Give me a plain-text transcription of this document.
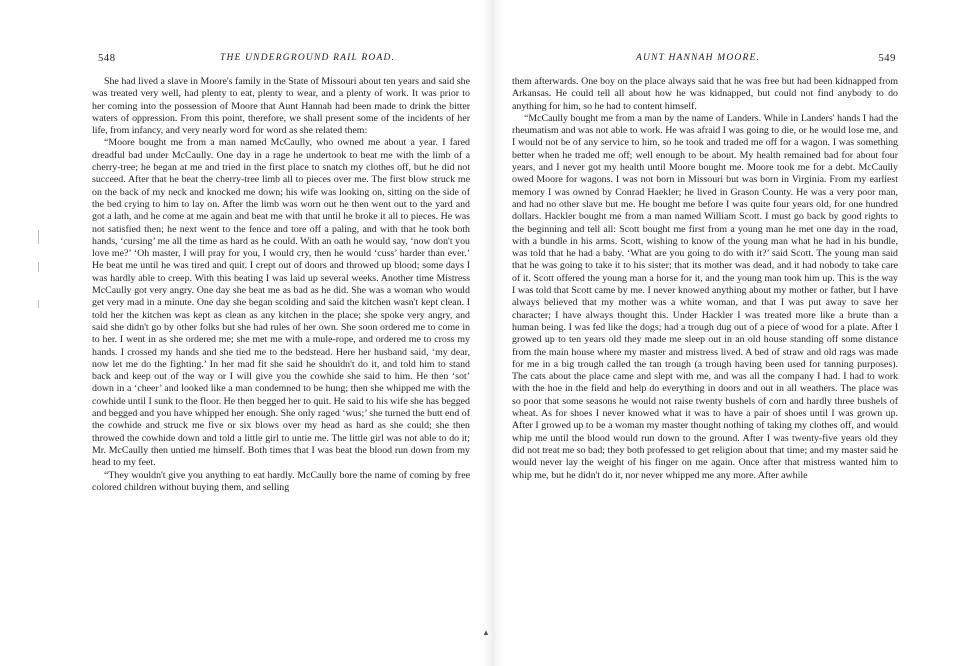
548	THE UNDERGROUND RAIL ROAD.

She had lived a slave in Moore's family in the State of Missouri about ten years and said she was treated very well, had plenty to eat, plenty to wear, and a plenty of work. It was prior to her coming into the possession of Moore that Aunt Hannah had been made to drink the bitter waters of oppression. From this point, therefore, we shall present some of the incidents of her life, from infancy, and very nearly word for word as she related them:

“Moore bought me from a man named McCaully, who owned me about a year. I fared dreadful bad under McCaully. One day in a rage he undertook to beat me with the limb of a cherry-tree; he began at me and tried in the first place to snatch my clothes off, but he did not succeed. After that he beat the cherry-tree limb all to pieces over me. The first blow struck me on the back of my neck and knocked me down; his wife was looking on, sitting on the side of the bed crying to him to lay on. After the limb was worn out he then went out to the yard and got a lath, and he come at me again and beat me with that until he broke it all to pieces. He was not satisfied then; he next went to the fence and tore off a paling, and with that he took both hands, ‘cursing’ me all the time as hard as he could. With an oath he would say, ‘now don't you love me?’ ‘Oh master, I will pray for you, I would cry, then he would ‘cuss’ harder than ever.’ He beat me until he was tired and quit. I crept out of doors and throwed up blood; some days I was hardly able to creep. With this beating I was laid up several weeks. Another time Mistress McCaully got very angry. One day she beat me as bad as he did. She was a woman who would get very mad in a minute. One day she began scolding and said the kitchen wasn't kept clean. I told her the kitchen was kept as clean as any kitchen in the place; she spoke very angry, and said she didn't go by other folks but she had rules of her own. She soon ordered me to come in to her. I went in as she ordered me; she met me with a mule-rope, and ordered me to cross my hands. I crossed my hands and she tied me to the bedstead. Here her husband said, ‘my dear, now let me do the fighting.’ In her mad fit she said he shouldn't do it, and told him to stand back and keep out of the way or I will give you the cowhide she said to him. He then ‘sot’ down in a ‘cheer’ and looked like a man condemned to be hung; then she whipped me with the cowhide until I sunk to the floor. He then begged her to quit. He said to his wife she has begged and begged and you have whipped her enough. She only raged ‘wus;’ she turned the butt end of the cowhide and struck me five or six blows over my head as hard as she could; she then throwed the cowhide down and told a little girl to untie me. The little girl was not able to do it; Mr. McCaully then untied me himself. Both times that I was beat the blood run down from my head to my feet.

“They wouldn't give you anything to eat hardly. McCaully bore the name of coming by free colored children without buying them, and selling

AUNT HANNAH MOORE.	549

them afterwards. One boy on the place always said that he was free but had been kidnapped from Arkansas. He could tell all about how he was kidnapped, but could not find anybody to do anything for him, so he had to content himself.

“McCaully bought me from a man by the name of Landers. While in Landers' hands I had the rheumatism and was not able to work. He was afraid I was going to die, or he would lose me, and I would not be of any service to him, so he took and traded me off for a wagon. I was something better when he traded me off; well enough to be about. My health remained bad for about four years, and I never got my health until Moore bought me. Moore took me for a debt. McCaully owed Moore for wagons. I was not born in Missouri but was born in Virginia. From my earliest memory I was owned by Conrad Haekler; he lived in Grason County. He was a very poor man, and had no other slave but me. He bought me before I was quite four years old, for one hundred dollars. Hackler bought me from a man named William Scott. I must go back by good rights to the beginning and tell all: Scott bought me first from a young man he met one day in the road, with a bundle in his arms. Scott, wishing to know of the young man what he had in his bundle, was told that he had a baby. ‘What are you going to do with it?’ said Scott. The young man said that he was going to take it to his sister; that its mother was dead, and it had nobody to take care of it. Scott offered the young man a horse for it, and the young man took him up. This is the way I was told that Scott came by me. I never knowed anything about my mother or father, but I have always believed that my mother was a white woman, and that I was put away to save her character; I have always thought this. Under Hackler I was treated more like a brute than a human being. I was fed like the dogs; had a trough dug out of a piece of wood for a plate. After I growed up to ten years old they made me sleep out in an old house standing off some distance from the main house where my master and mistress lived. A bed of straw and old rags was made for me in a big trough called the tan trough (a trough having been used for tanning purposes). The cats about the place came and slept with me, and was all the company I had. I had to work with the hoe in the field and help do everything in doors and out in all weathers. The place was so poor that some seasons he would not raise twenty bushels of corn and hardly three bushels of wheat. As for shoes I never knowed what it was to have a pair of shoes until I was grown up. After I growed up to be a woman my master thought nothing of taking my clothes off, and would whip me until the blood would run down to the ground. After I was twenty-five years old they did not treat me so bad; they both professed to get religion about that time; and my master said he would never lay the weight of his finger on me again. Once after that mistress wanted him to whip me, but he didn't do it, nor never whipped me any more. After awhile

▲
